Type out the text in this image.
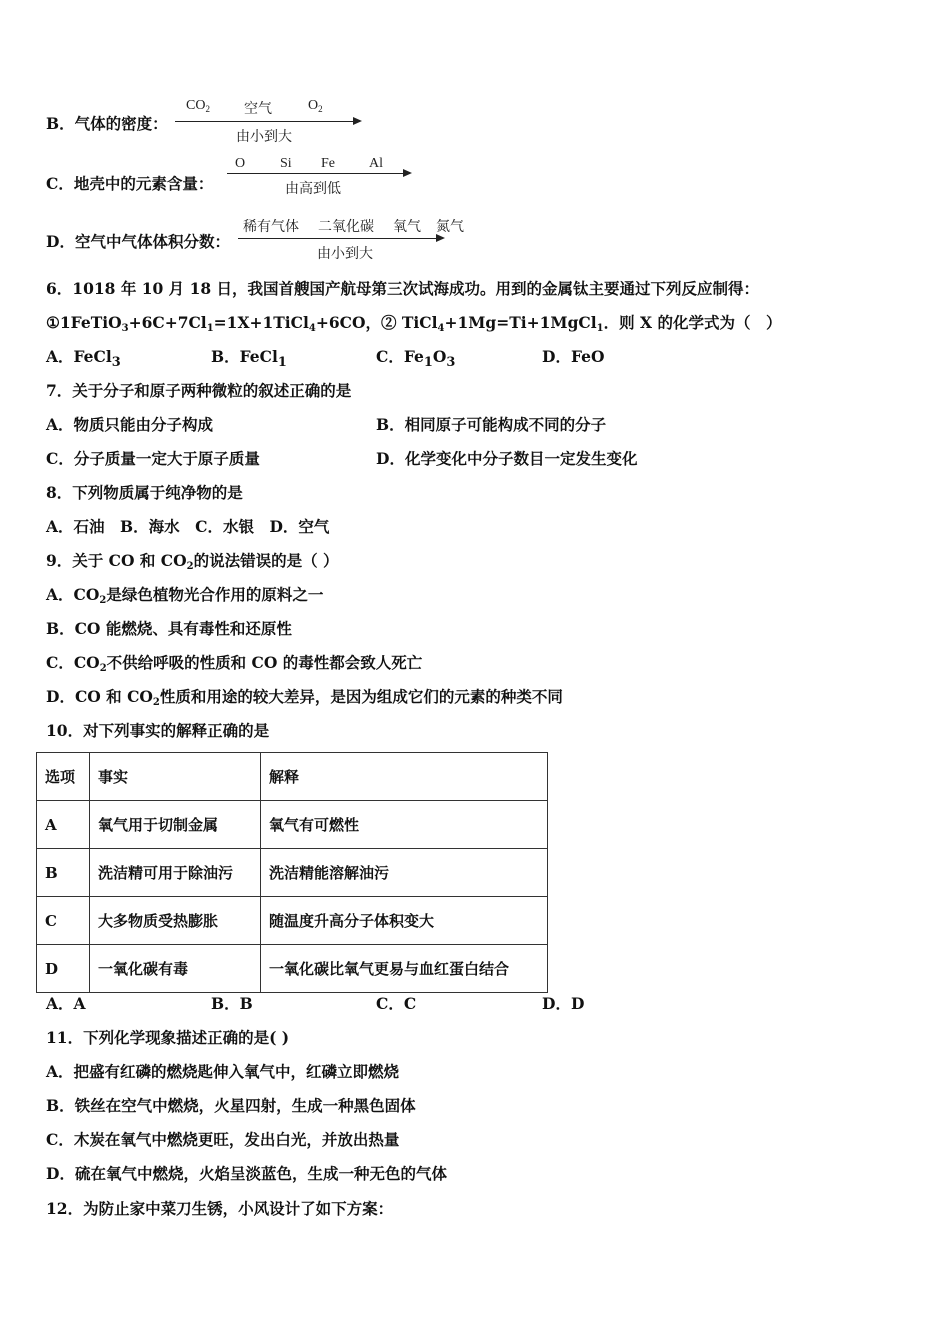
B．气体的密度：
$CO_2$ 空气	$O_2$
由小到大
C．地壳中的元素含量：
O Si Fe Al
由高到低
D．空气中气体体积分数：
稀有气体 二氧化碳 氧气 氮气
由小到大
6．1018 年 10 月 18 日，我国首艘国产航母第三次试海成功。用到的金属钛主要通过下列反应制得：
$①1FeTiO_3+6C+7Cl_1=1X+1TiCl_4+6CO$，② TiCl$_4$+1Mg=Ti+1MgCl$_1$．则 X 的化学式为（　）
A．FeCl$_3$	B．FeCl$_1$	C．$Fe_1O_3$	D．FeO
7．关于分子和原子两种微粒的叙述正确的是
A．物质只能由分子构成	B．相同原子可能构成不同的分子
C．分子质量一定大于原子质量	D．化学变化中分子数目一定发生变化
8．下列物质属于纯净物的是
A．石油　B．海水　C．水银　D．空气
9．关于 CO 和 $CO_2$的说法错误的是（ ）
A．$CO_2$是绿色植物光合作用的原料之一
B．CO 能燃烧、具有毒性和还原性
C．$CO_2$不供给呼吸的性质和 CO 的毒性都会致人死亡
D．CO 和 $CO_2$性质和用途的较大差异，是因为组成它们的元素的种类不同
10．对下列事实的解释正确的是
选项	事实	解释
A	氧气用于切制金属	氧气有可燃性
B	洗洁精可用于除油污	洗洁精能溶解油污
C	大多物质受热膨胀	随温度升高分子体积变大
D	一氧化碳有毒	一氧化碳比氧气更易与血红蛋白结合
A．A	B．B	C．C	D．D
11．下列化学现象描述正确的是( )
A．把盛有红磷的燃烧匙伸入氧气中，红磷立即燃烧
B．铁丝在空气中燃烧，火星四射，生成一种黑色固体
C．木炭在氧气中燃烧更旺，发出白光，并放出热量
D．硫在氧气中燃烧，火焰呈淡蓝色，生成一种无色的气体
12．为防止家中菜刀生锈，小风设计了如下方案：
